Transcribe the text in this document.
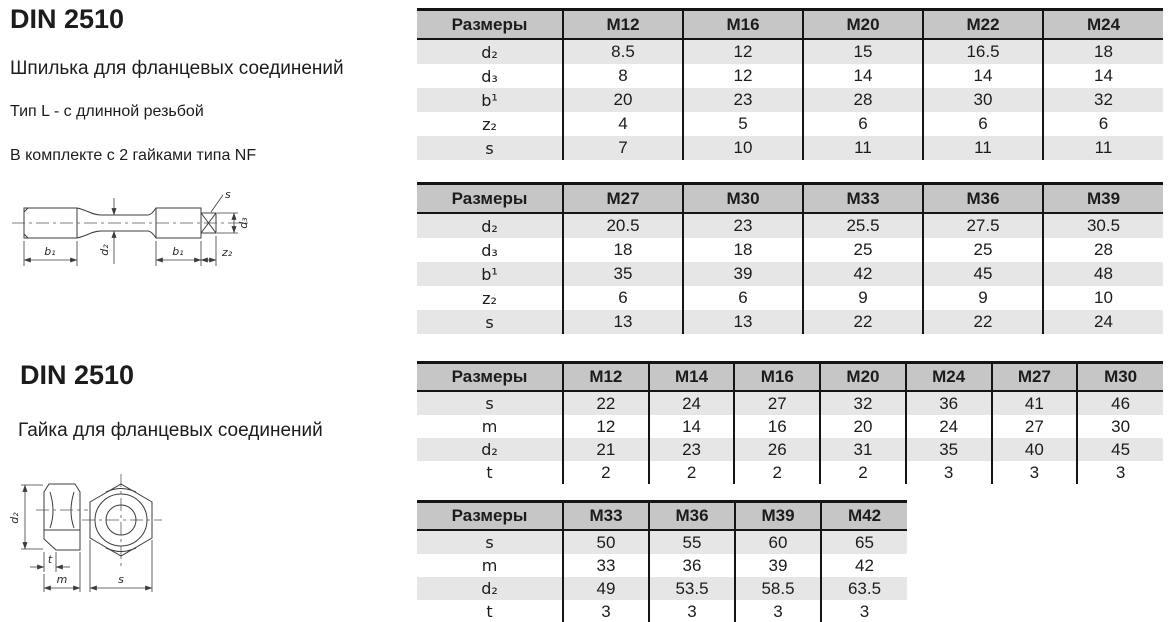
DIN 2510
Шпилька для фланцевых соединений
Тип L - с длинной резьбой
В комплекте с 2 гайками типа NF
b₁	d₂	b₁	z₂
d₃
s
DIN 2510
Гайка для фланцевых соединений
d₂
t
m	s
Размеры	M12	M16	M20	M22	M24
d₂	8.5	12	15	16.5	18
d₃	8	12	14	14	14
b¹	20	23	28	30	32
z₂	4	5	6	6	6
s	7	10	11	11	11
Размеры	M27	M30	M33	M36	M39
d₂	20.5	23	25.5	27.5	30.5
d₃	18	18	25	25	28
b¹	35	39	42	45	48
z₂	6	6	9	9	10
s	13	13	22	22	24
Размеры	M12	M14	M16	M20	M24	M27	M30
s	22	24	27	32	36	41	46
m	12	14	16	20	24	27	30
d₂	21	23	26	31	35	40	45
t	2	2	2	2	3	3	3
Размеры	M33	M36	M39	M42
s	50	55	60	65
m	33	36	39	42
d₂	49	53.5	58.5	63.5
t	3	3	3	3
